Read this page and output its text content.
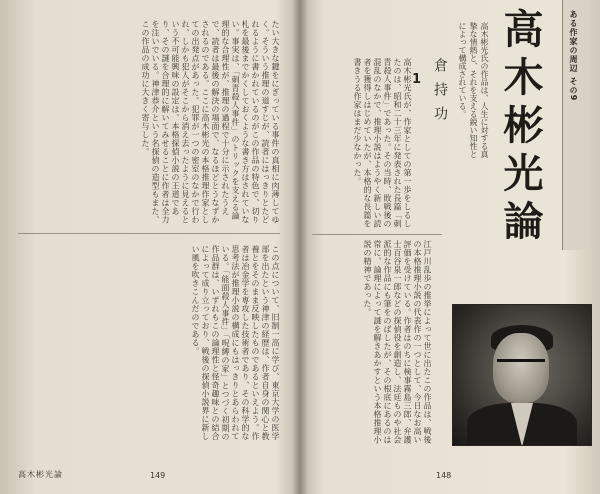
たい大きな鍵をにぎっている事件の真相に肉薄してゆく。そういう推理の道すじが、読者にはっきりとたどれるように書かれているのがこの作品の特色で、切り札を最後までかくしておくような書き方はされていない。事実は、「刺青殺人事件」のトリックを支える論理的な合理性が、推理の過程で十分に示されたうえで、読者は最後の解決の場面で、なるほどとうなずかされるのである。ここに高木彬光の本格推理作家としての出発点があった。犯罪が一つの密室のなかで行われ、しかも犯人がそこから消え去ったように見えるという不可能興味の設定は、本格探偵小説の王道であり、その謎を合理的に解いてみせることに作者は全力を注いでいる。神津恭介という名探偵の造型もまた、この作品の成功に大きく寄与した。
この点について、旧制一高に学び、東京大学の医学部を出たという神津の経歴は、作者自身の関心と教養とをそのまま反映したものであるといえよう。作者は冶金学を専攻した技術者であり、その科学的な思考法が推理小説の構成にもはっきりとあらわれている。「能面殺人事件」「呪縛の家」とつづく初期の作品群は、いずれもこの論理性と怪奇趣味との結合によって成り立っており、戦後の探偵小説界に新しい風を吹きこんだのである。
高木彬光論	149
ある作家の周辺 その9
高木彬光論
高木彬光氏の作品は、人生に対する真摯な情熱と、それを支える鋭い知性とによって構成されている。
倉持功
1
高木彬光氏が、作家としての第一歩をしるしたのは、昭和二十三年に発表された長篇「刺青殺人事件」であった。その当時、敗戦後の混乱のなかで、推理小説はようやく新しい読者を獲得しはじめていたが、本格的な長篇を書きうる作家はまだ少なかった。
江戸川乱歩の推挙によって世に出たこの作品は、戦後の本格推理小説の代表作の一つとして、今日なお高い評価を受けている。作者はのちに検事霧島三郎、弁護士百谷泉一郎などの探偵役を創造し、法廷ものや社会派的な作品にも筆をのばしたが、その根底にあるのは常に、論理によって謎を解きあかすという本格推理小説の精神であった。
148
